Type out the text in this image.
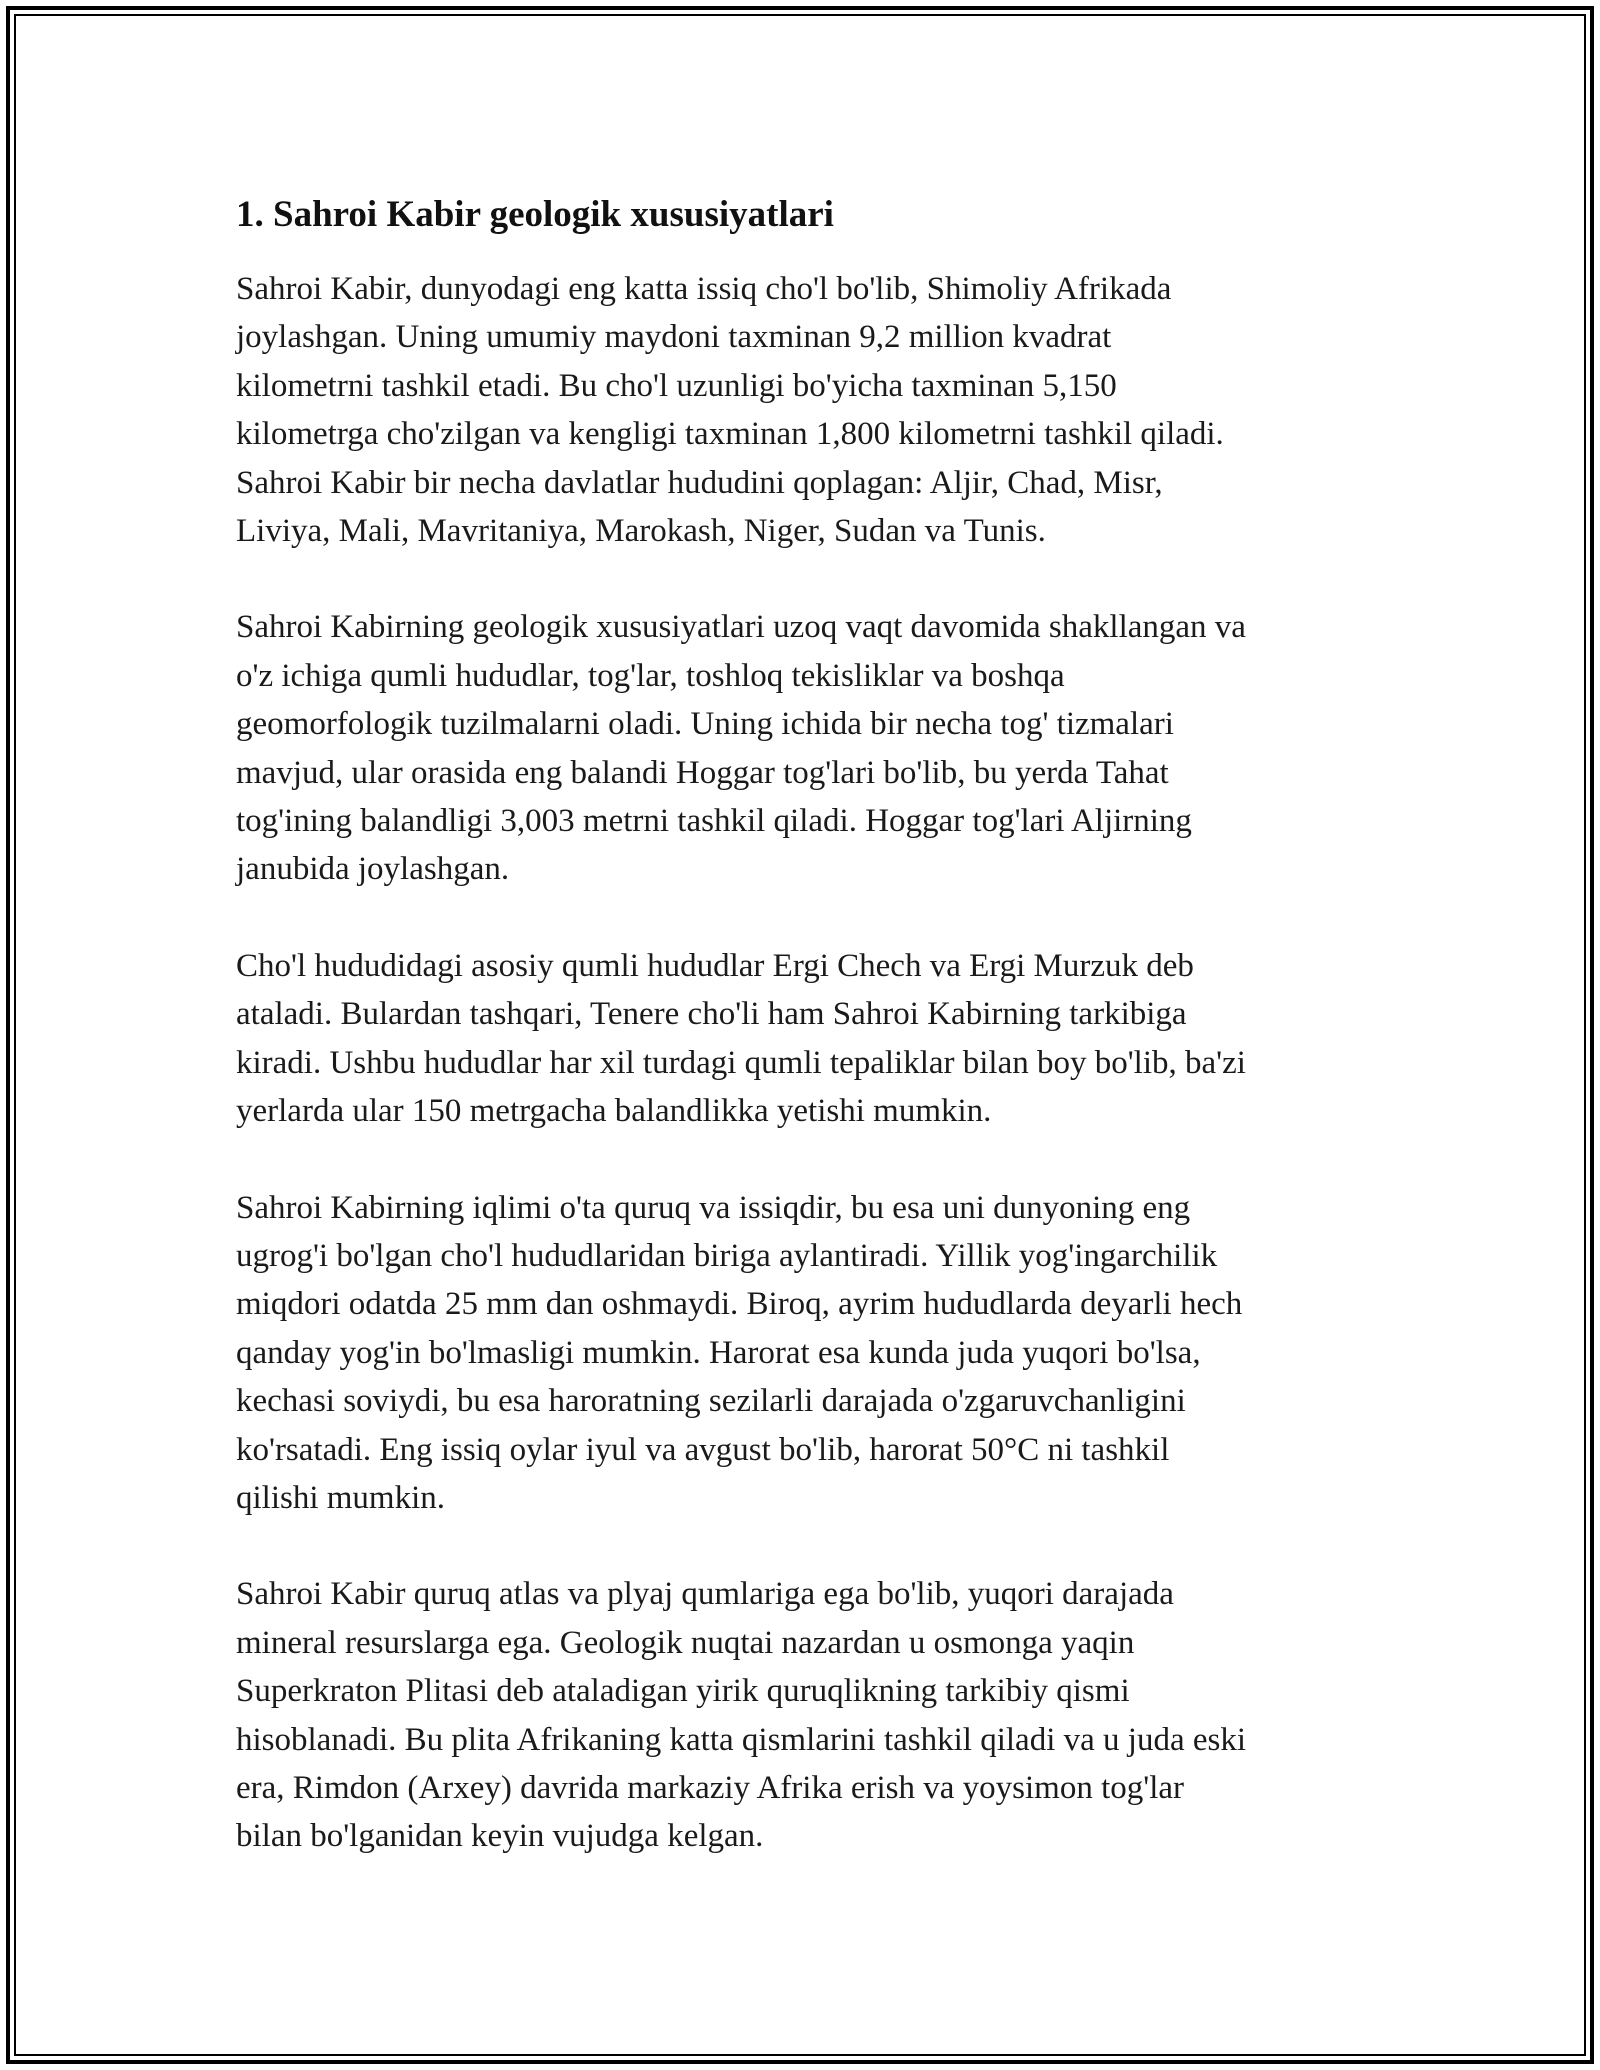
1. Sahroi Kabir geologik xususiyatlari

Sahroi Kabir, dunyodagi eng katta issiq cho'l bo'lib, Shimoliy Afrikada
joylashgan. Uning umumiy maydoni taxminan 9,2 million kvadrat
kilometrni tashkil etadi. Bu cho'l uzunligi bo'yicha taxminan 5,150
kilometrga cho'zilgan va kengligi taxminan 1,800 kilometrni tashkil qiladi.
Sahroi Kabir bir necha davlatlar hududini qoplagan: Aljir, Chad, Misr,
Liviya, Mali, Mavritaniya, Marokash, Niger, Sudan va Tunis.

Sahroi Kabirning geologik xususiyatlari uzoq vaqt davomida shakllangan va
o'z ichiga qumli hududlar, tog'lar, toshloq tekisliklar va boshqa
geomorfologik tuzilmalarni oladi. Uning ichida bir necha tog' tizmalari
mavjud, ular orasida eng balandi Hoggar tog'lari bo'lib, bu yerda Tahat
tog'ining balandligi 3,003 metrni tashkil qiladi. Hoggar tog'lari Aljirning
janubida joylashgan.

Cho'l hududidagi asosiy qumli hududlar Ergi Chech va Ergi Murzuk deb
ataladi. Bulardan tashqari, Tenere cho'li ham Sahroi Kabirning tarkibiga
kiradi. Ushbu hududlar har xil turdagi qumli tepaliklar bilan boy bo'lib, ba'zi
yerlarda ular 150 metrgacha balandlikka yetishi mumkin.

Sahroi Kabirning iqlimi o'ta quruq va issiqdir, bu esa uni dunyoning eng
ugrog'i bo'lgan cho'l hududlaridan biriga aylantiradi. Yillik yog'ingarchilik
miqdori odatda 25 mm dan oshmaydi. Biroq, ayrim hududlarda deyarli hech
qanday yog'in bo'lmasligi mumkin. Harorat esa kunda juda yuqori bo'lsa,
kechasi soviydi, bu esa haroratning sezilarli darajada o'zgaruvchanligini
ko'rsatadi. Eng issiq oylar iyul va avgust bo'lib, harorat 50°C ni tashkil
qilishi mumkin.

Sahroi Kabir quruq atlas va plyaj qumlariga ega bo'lib, yuqori darajada
mineral resurslarga ega. Geologik nuqtai nazardan u osmonga yaqin
Superkraton Plitasi deb ataladigan yirik quruqlikning tarkibiy qismi
hisoblanadi. Bu plita Afrikaning katta qismlarini tashkil qiladi va u juda eski
era, Rimdon (Arxey) davrida markaziy Afrika erish va yoysimon tog'lar
bilan bo'lganidan keyin vujudga kelgan.
